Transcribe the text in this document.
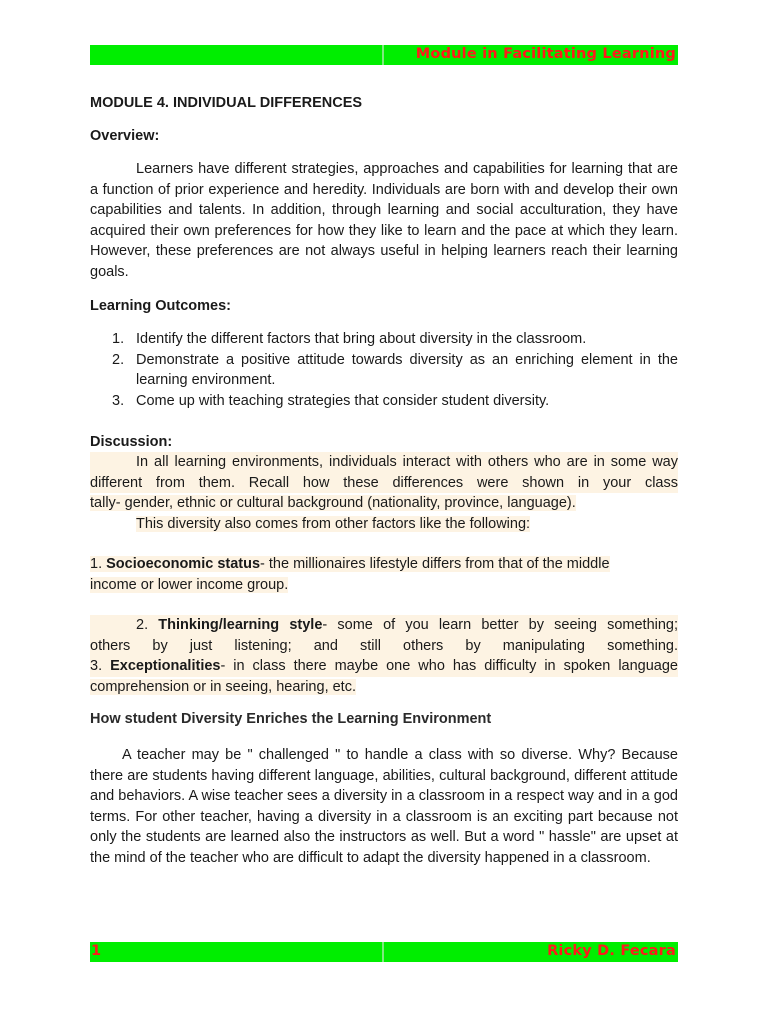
Module in Facilitating Learning
MODULE 4. INDIVIDUAL DIFFERENCES
Overview:
Learners have different strategies, approaches and capabilities for learning that are a function of prior experience and heredity. Individuals are born with and develop their own capabilities and talents. In addition, through learning and social acculturation, they have acquired their own preferences for how they like to learn and the pace at which they learn. However, these preferences are not always useful in helping learners reach their learning goals.
Learning Outcomes:
1. Identify the different factors that bring about diversity in the classroom.
2. Demonstrate a positive attitude towards diversity as an enriching element in the learning environment.
3. Come up with teaching strategies that consider student diversity.
Discussion:
In all learning environments, individuals interact with others who are in some way
different from them. Recall how these differences were shown in your class
tally- gender, ethnic or cultural background (nationality, province, language).
This diversity also comes from other factors like the following:
1. Socioeconomic status- the millionaires lifestyle differs from that of the middle
income or lower income group.
2. Thinking/learning style- some of you learn better by seeing something;
others by just listening; and still others by manipulating something.
3. Exceptionalities- in class there maybe one who has difficulty in spoken language
comprehension or in seeing, hearing, etc.
How student Diversity Enriches the Learning Environment
A teacher may be " challenged " to handle a class with so diverse. Why? Because there are students having different language, abilities, cultural background, different attitude and behaviors. A wise teacher sees a diversity in a classroom in a respect way and in a god terms. For other teacher, having a diversity in a classroom is an exciting part because not only the students are learned also the instructors as well. But a word " hassle" are upset at the mind of the teacher who are difficult to adapt the diversity happened in a classroom.
1	Ricky D. Fecara
